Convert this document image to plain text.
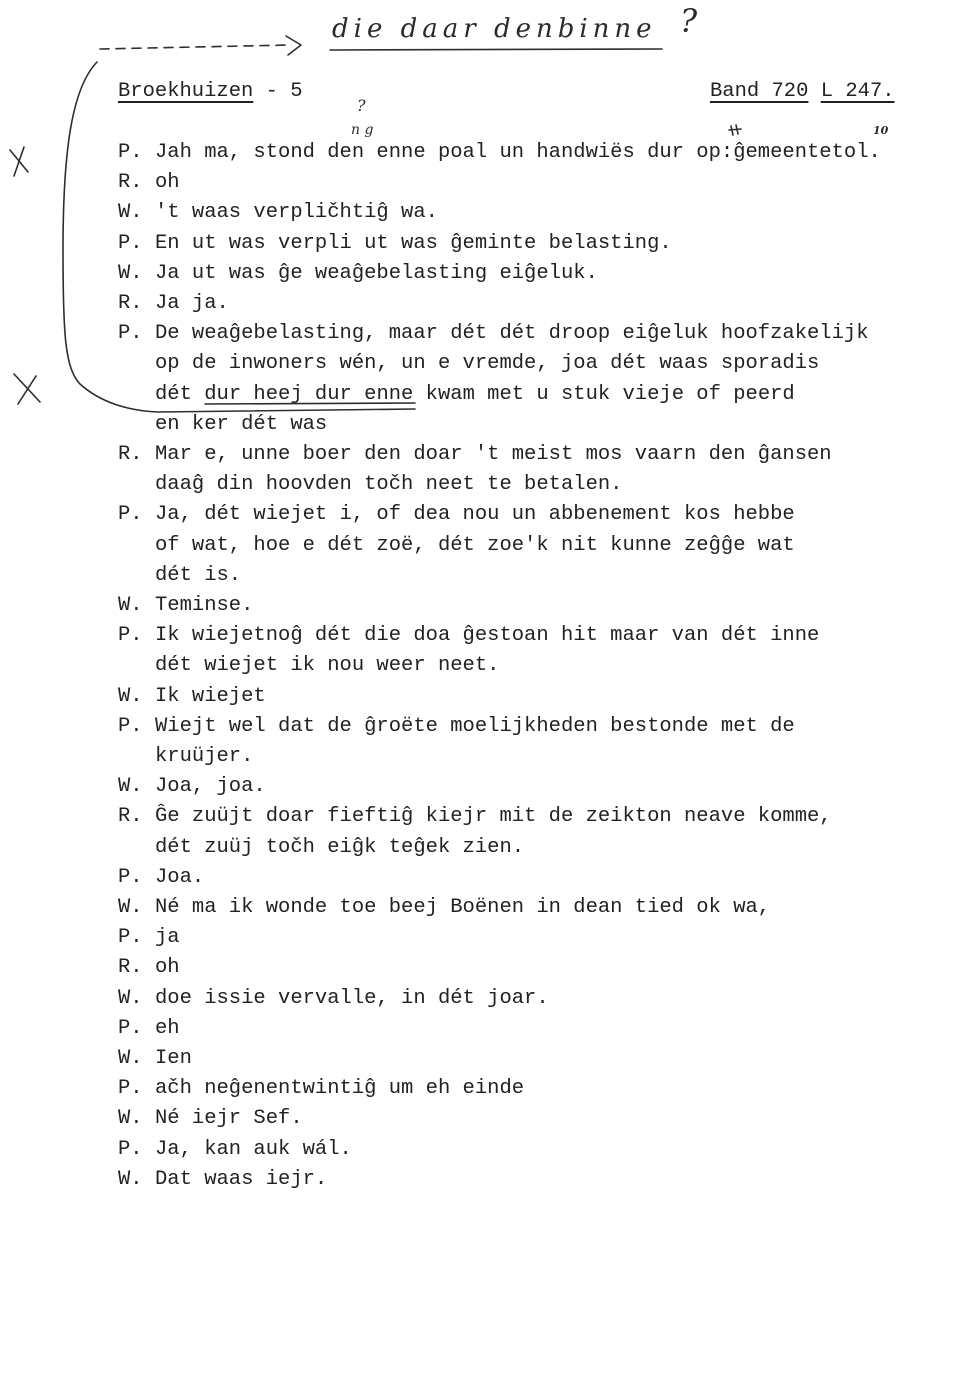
die daar denbinne ?
?
n g	10
Broekhuizen - 5	Band 720 L 247.
P. Jah ma, stond den enne poal un handwiës dur op:ĝemeentetol.
R. oh
W. 't waas verpličhtiĝ wa.
P. En ut was verpli ut was ĝeminte belasting.
W. Ja ut was ĝe weaĝebelasting eiĝeluk.
R. Ja ja.
P. De weaĝebelasting, maar dét dét droop eiĝeluk hoofzakelijk
op de inwoners wén, un e vremde, joa dét waas sporadis
dét dur heej dur enne kwam met u stuk vieje of peerd
en ker dét was
R. Mar e, unne boer den doar 't meist mos vaarn den ĝansen
daaĝ din hoovden točh neet te betalen.
P. Ja, dét wiejet i, of dea nou un abbenement kos hebbe
of wat, hoe e dét zoë, dét zoe'k nit kunne zeĝĝe wat
dét is.
W. Teminse.
P. Ik wiejetnoĝ dét die doa ĝestoan hit maar van dét inne
dét wiejet ik nou weer neet.
W. Ik wiejet
P. Wiejt wel dat de ĝroëte moelijkheden bestonde met de
kruüjer.
W. Joa, joa.
R. Ĝe zuüjt doar fieftiĝ kiejr mit de zeikton neave komme,
dét zuüj točh eiĝk teĝek zien.
P. Joa.
W. Né ma ik wonde toe beej Boënen in dean tied ok wa,
P. ja
R. oh
W. doe issie vervalle, in dét joar.
P. eh
W. Ien
P. ačh neĝenentwintiĝ um eh einde
W. Né iejr Sef.
P. Ja, kan auk wál.
W. Dat waas iejr.
